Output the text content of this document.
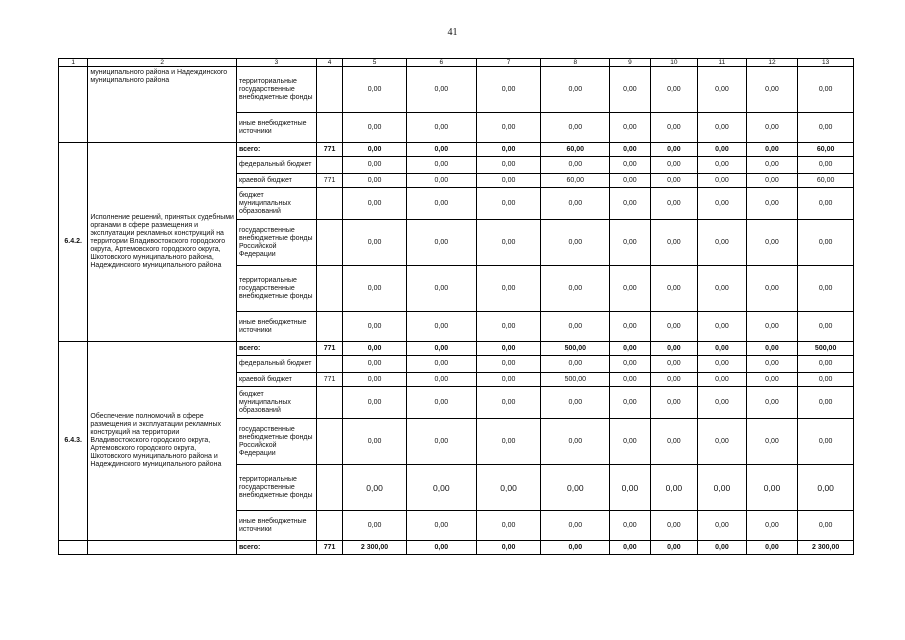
41
1	2	3	4	5	6	7	8	9	10	11	12	13
	муниципального района и Надеждинского муниципального района	территориальные государственные внебюджетные фонды		0,00	0,00	0,00	0,00	0,00	0,00	0,00	0,00	0,00
		иные внебюджетные источники		0,00	0,00	0,00	0,00	0,00	0,00	0,00	0,00	0,00
6.4.2.	Исполнение решений, принятых судебными органами в сфере размещения и эксплуатации рекламных конструкций на территории Владивостокского городского округа, Артемовского городского округа, Шкотовского муниципального района, Надеждинского муниципального района	всего:	771	0,00	0,00	0,00	60,00	0,00	0,00	0,00	0,00	60,00
		федеральный бюджет		0,00	0,00	0,00	0,00	0,00	0,00	0,00	0,00	0,00
		краевой бюджет	771	0,00	0,00	0,00	60,00	0,00	0,00	0,00	0,00	60,00
		бюджет муниципальных образований		0,00	0,00	0,00	0,00	0,00	0,00	0,00	0,00	0,00
		государственные внебюджетные фонды Российской Федерации		0,00	0,00	0,00	0,00	0,00	0,00	0,00	0,00	0,00
		территориальные государственные внебюджетные фонды		0,00	0,00	0,00	0,00	0,00	0,00	0,00	0,00	0,00
		иные внебюджетные источники		0,00	0,00	0,00	0,00	0,00	0,00	0,00	0,00	0,00
6.4.3.	Обеспечение полномочий в сфере размещения и эксплуатации рекламных конструкций на территории Владивостокского городского округа, Артемовского городского округа, Шкотовского муниципального района и Надеждинского муниципального района	всего:	771	0,00	0,00	0,00	500,00	0,00	0,00	0,00	0,00	500,00
		федеральный бюджет		0,00	0,00	0,00	0,00	0,00	0,00	0,00	0,00	0,00
		краевой бюджет	771	0,00	0,00	0,00	500,00	0,00	0,00	0,00	0,00	0,00
		бюджет муниципальных образований		0,00	0,00	0,00	0,00	0,00	0,00	0,00	0,00	0,00
		государственные внебюджетные фонды Российской Федерации		0,00	0,00	0,00	0,00	0,00	0,00	0,00	0,00	0,00
		территориальные государственные внебюджетные фонды		0,00	0,00	0,00	0,00	0,00	0,00	0,00	0,00	0,00
		иные внебюджетные источники		0,00	0,00	0,00	0,00	0,00	0,00	0,00	0,00	0,00
		всего:	771	2 300,00	0,00	0,00	0,00	0,00	0,00	0,00	0,00	2 300,00
